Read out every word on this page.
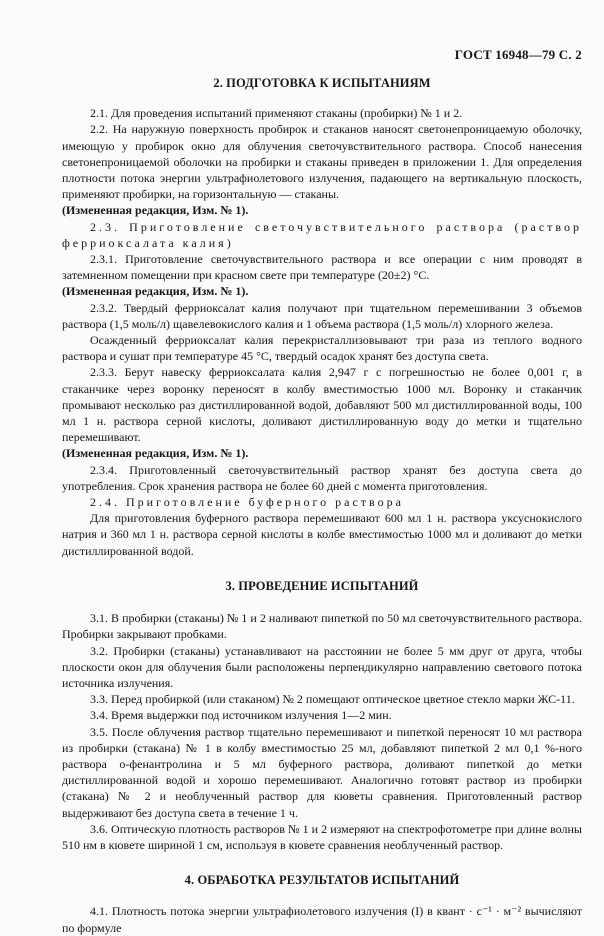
ГОСТ 16948—79 С. 2
2. ПОДГОТОВКА К ИСПЫТАНИЯМ

2.1. Для проведения испытаний применяют стаканы (пробирки) № 1 и 2.

2.2. На наружную поверхность пробирок и стаканов наносят светонепроницаемую оболочку, имеющую у пробирок окно для облучения светочувствительного раствора. Способ нанесения светонепроницаемой оболочки на пробирки и стаканы приведен в приложении 1. Для определения плотности потока энергии ультрафиолетового излучения, падающего на вертикальную плоскость, применяют пробирки, на горизонтальную — стаканы.

(Измененная редакция, Изм. № 1).

2.3. Приготовление светочувствительного раствора (раствор ферриоксалата калия)

2.3.1. Приготовление светочувствительного раствора и все операции с ним проводят в затемненном помещении при красном свете при температуре (20±2) °С.

(Измененная редакция, Изм. № 1).

2.3.2. Твердый ферриоксалат калия получают при тщательном перемешивании 3 объемов раствора (1,5 моль/л) щавелевокислого калия и 1 объема раствора (1,5 моль/л) хлорного железа.

Осажденный ферриоксалат калия перекристаллизовывают три раза из теплого водного раствора и сушат при температуре 45 °С, твердый осадок хранят без доступа света.

2.3.3. Берут навеску ферриоксалата калия 2,947 г с погрешностью не более 0,001 г, в стаканчике через воронку переносят в колбу вместимостью 1000 мл. Воронку и стаканчик промывают несколько раз дистиллированной водой, добавляют 500 мл дистиллированной воды, 100 мл 1 н. раствора серной кислоты, доливают дистиллированную воду до метки и тщательно перемешивают.

(Измененная редакция, Изм. № 1).

2.3.4. Приготовленный светочувствительный раствор хранят без доступа света до употребления. Срок хранения раствора не более 60 дней с момента приготовления.

2.4. Приготовление буферного раствора

Для приготовления буферного раствора перемешивают 600 мл 1 н. раствора уксуснокислого натрия и 360 мл 1 н. раствора серной кислоты в колбе вместимостью 1000 мл и доливают до метки дистиллированной водой.

3. ПРОВЕДЕНИЕ ИСПЫТАНИЙ

3.1. В пробирки (стаканы) № 1 и 2 наливают пипеткой по 50 мл светочувствительного раствора. Пробирки закрывают пробками.

3.2. Пробирки (стаканы) устанавливают на расстоянии не более 5 мм друг от друга, чтобы плоскости окон для облучения были расположены перпендикулярно направлению светового потока источника излучения.

3.3. Перед пробиркой (или стаканом) № 2 помещают оптическое цветное стекло марки ЖС-11.

3.4. Время выдержки под источником излучения 1—2 мин.

3.5. После облучения раствор тщательно перемешивают и пипеткой переносят 10 мл раствора из пробирки (стакана) № 1 в колбу вместимостью 25 мл, добавляют пипеткой 2 мл 0,1 %-ного раствора о-фенантролина и 5 мл буферного раствора, доливают пипеткой до метки дистиллированной водой и хорошо перемешивают. Аналогично готовят раствор из пробирки (стакана) № 2 и необлученный раствор для кюветы сравнения. Приготовленный раствор выдерживают без доступа света в течение 1 ч.

3.6. Оптическую плотность растворов № 1 и 2 измеряют на спектрофотометре при длине волны 510 нм в кювете шириной 1 см, используя в кювете сравнения необлученный раствор.

4. ОБРАБОТКА РЕЗУЛЬТАТОВ ИСПЫТАНИЙ

4.1. Плотность потока энергии ультрафиолетового излучения (I) в квант · с⁻¹ · м⁻² вычисляют по формуле
